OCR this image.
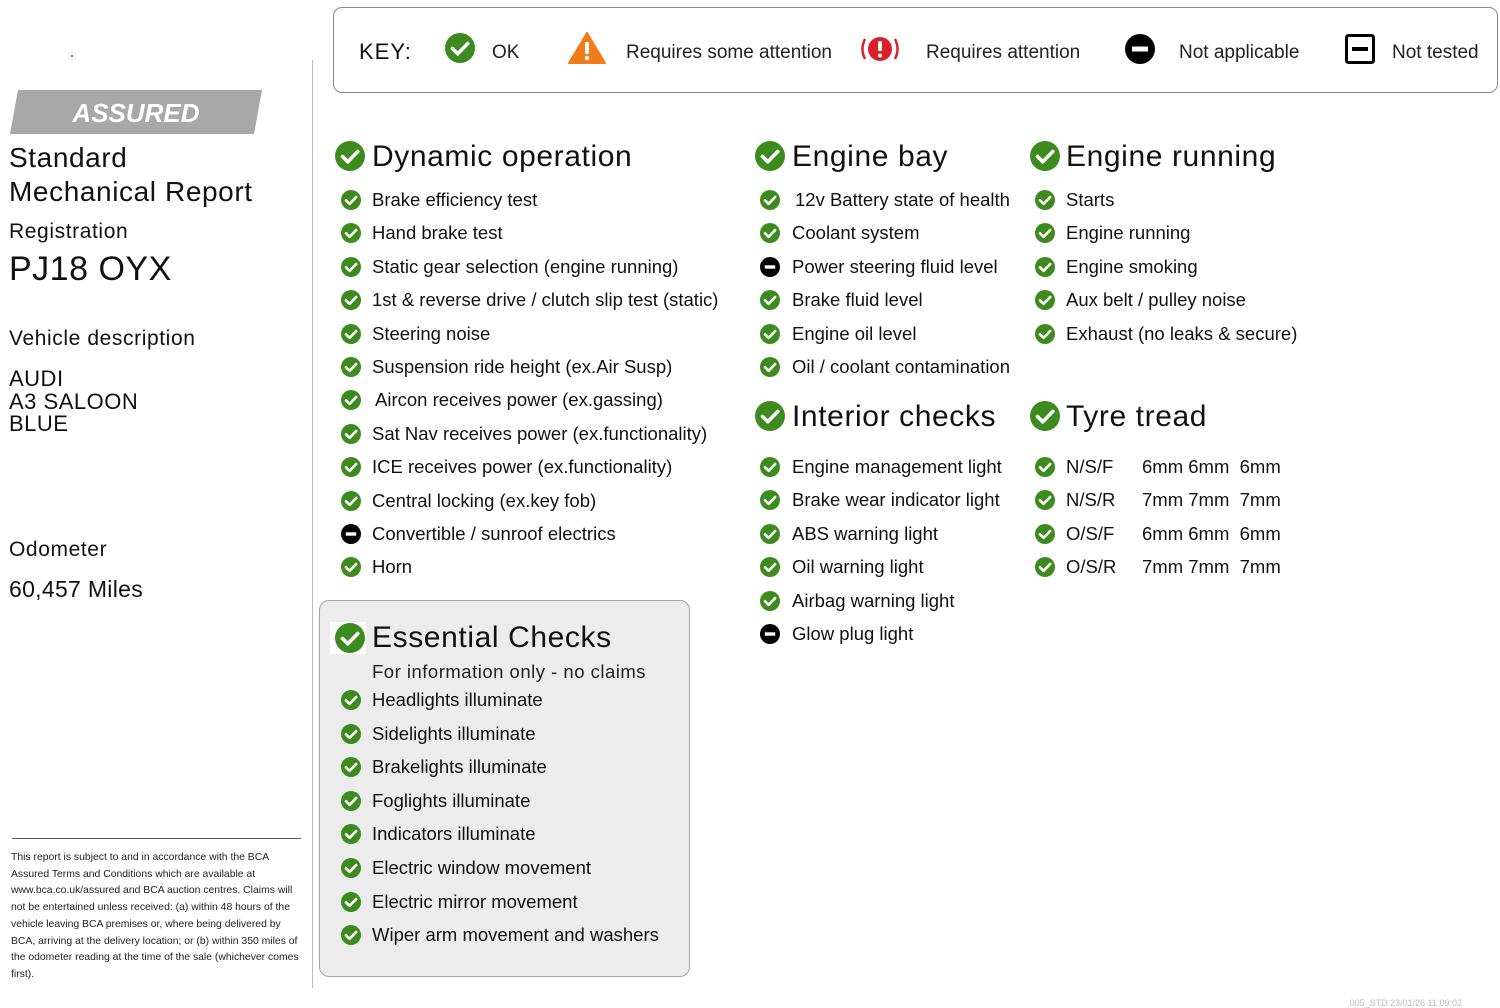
ASSURED
Standard
Mechanical Report
Registration
PJ18 OYX
Vehicle description
AUDI
A3 SALOON
BLUE
Odometer
60,457 Miles
This report is subject to and in accordance with the BCA Assured Terms and Conditions which are available at www.bca.co.uk/assured and BCA auction centres. Claims will not be entertained unless received: (a) within 48 hours of the vehicle leaving BCA premises or, where being delivered by BCA, arriving at the delivery location; or (b) within 350 miles of the odometer reading at the time of the sale (whichever comes first).
KEY:	OK	Requires some attention	Requires attention	Not applicable	Not tested
Dynamic operation	Engine bay	Engine running
Interior checks Tyre tread
Essential Checks
For information only - no claims
Brake efficiency test
Hand brake test
Static gear selection (engine running)
1st & reverse drive / clutch slip test (static)
Steering noise
Suspension ride height (ex.Air Susp)
Aircon receives power (ex.gassing)
Sat Nav receives power (ex.functionality)
ICE receives power (ex.functionality)
Central locking (ex.key fob)
Convertible / sunroof electrics
Horn
12v Battery state of health
Coolant system
Power steering fluid level
Brake fluid level
Engine oil level
Oil / coolant contamination
Starts
Engine running
Engine smoking
Aux belt / pulley noise
Exhaust (no leaks & secure)
Engine management light
Brake wear indicator light
ABS warning light
Oil warning light
Airbag warning light
Glow plug light
Headlights illuminate
Sidelights illuminate
Brakelights illuminate
Foglights illuminate
Indicators illuminate
Electric window movement
Electric mirror movement
Wiper arm movement and washers
N/S/F 6mm 6mm  6mm
N/S/R 7mm 7mm  7mm
O/S/F 6mm 6mm  6mm
O/S/R 7mm 7mm  7mm
005_STD 23/01/26 11:09:02
